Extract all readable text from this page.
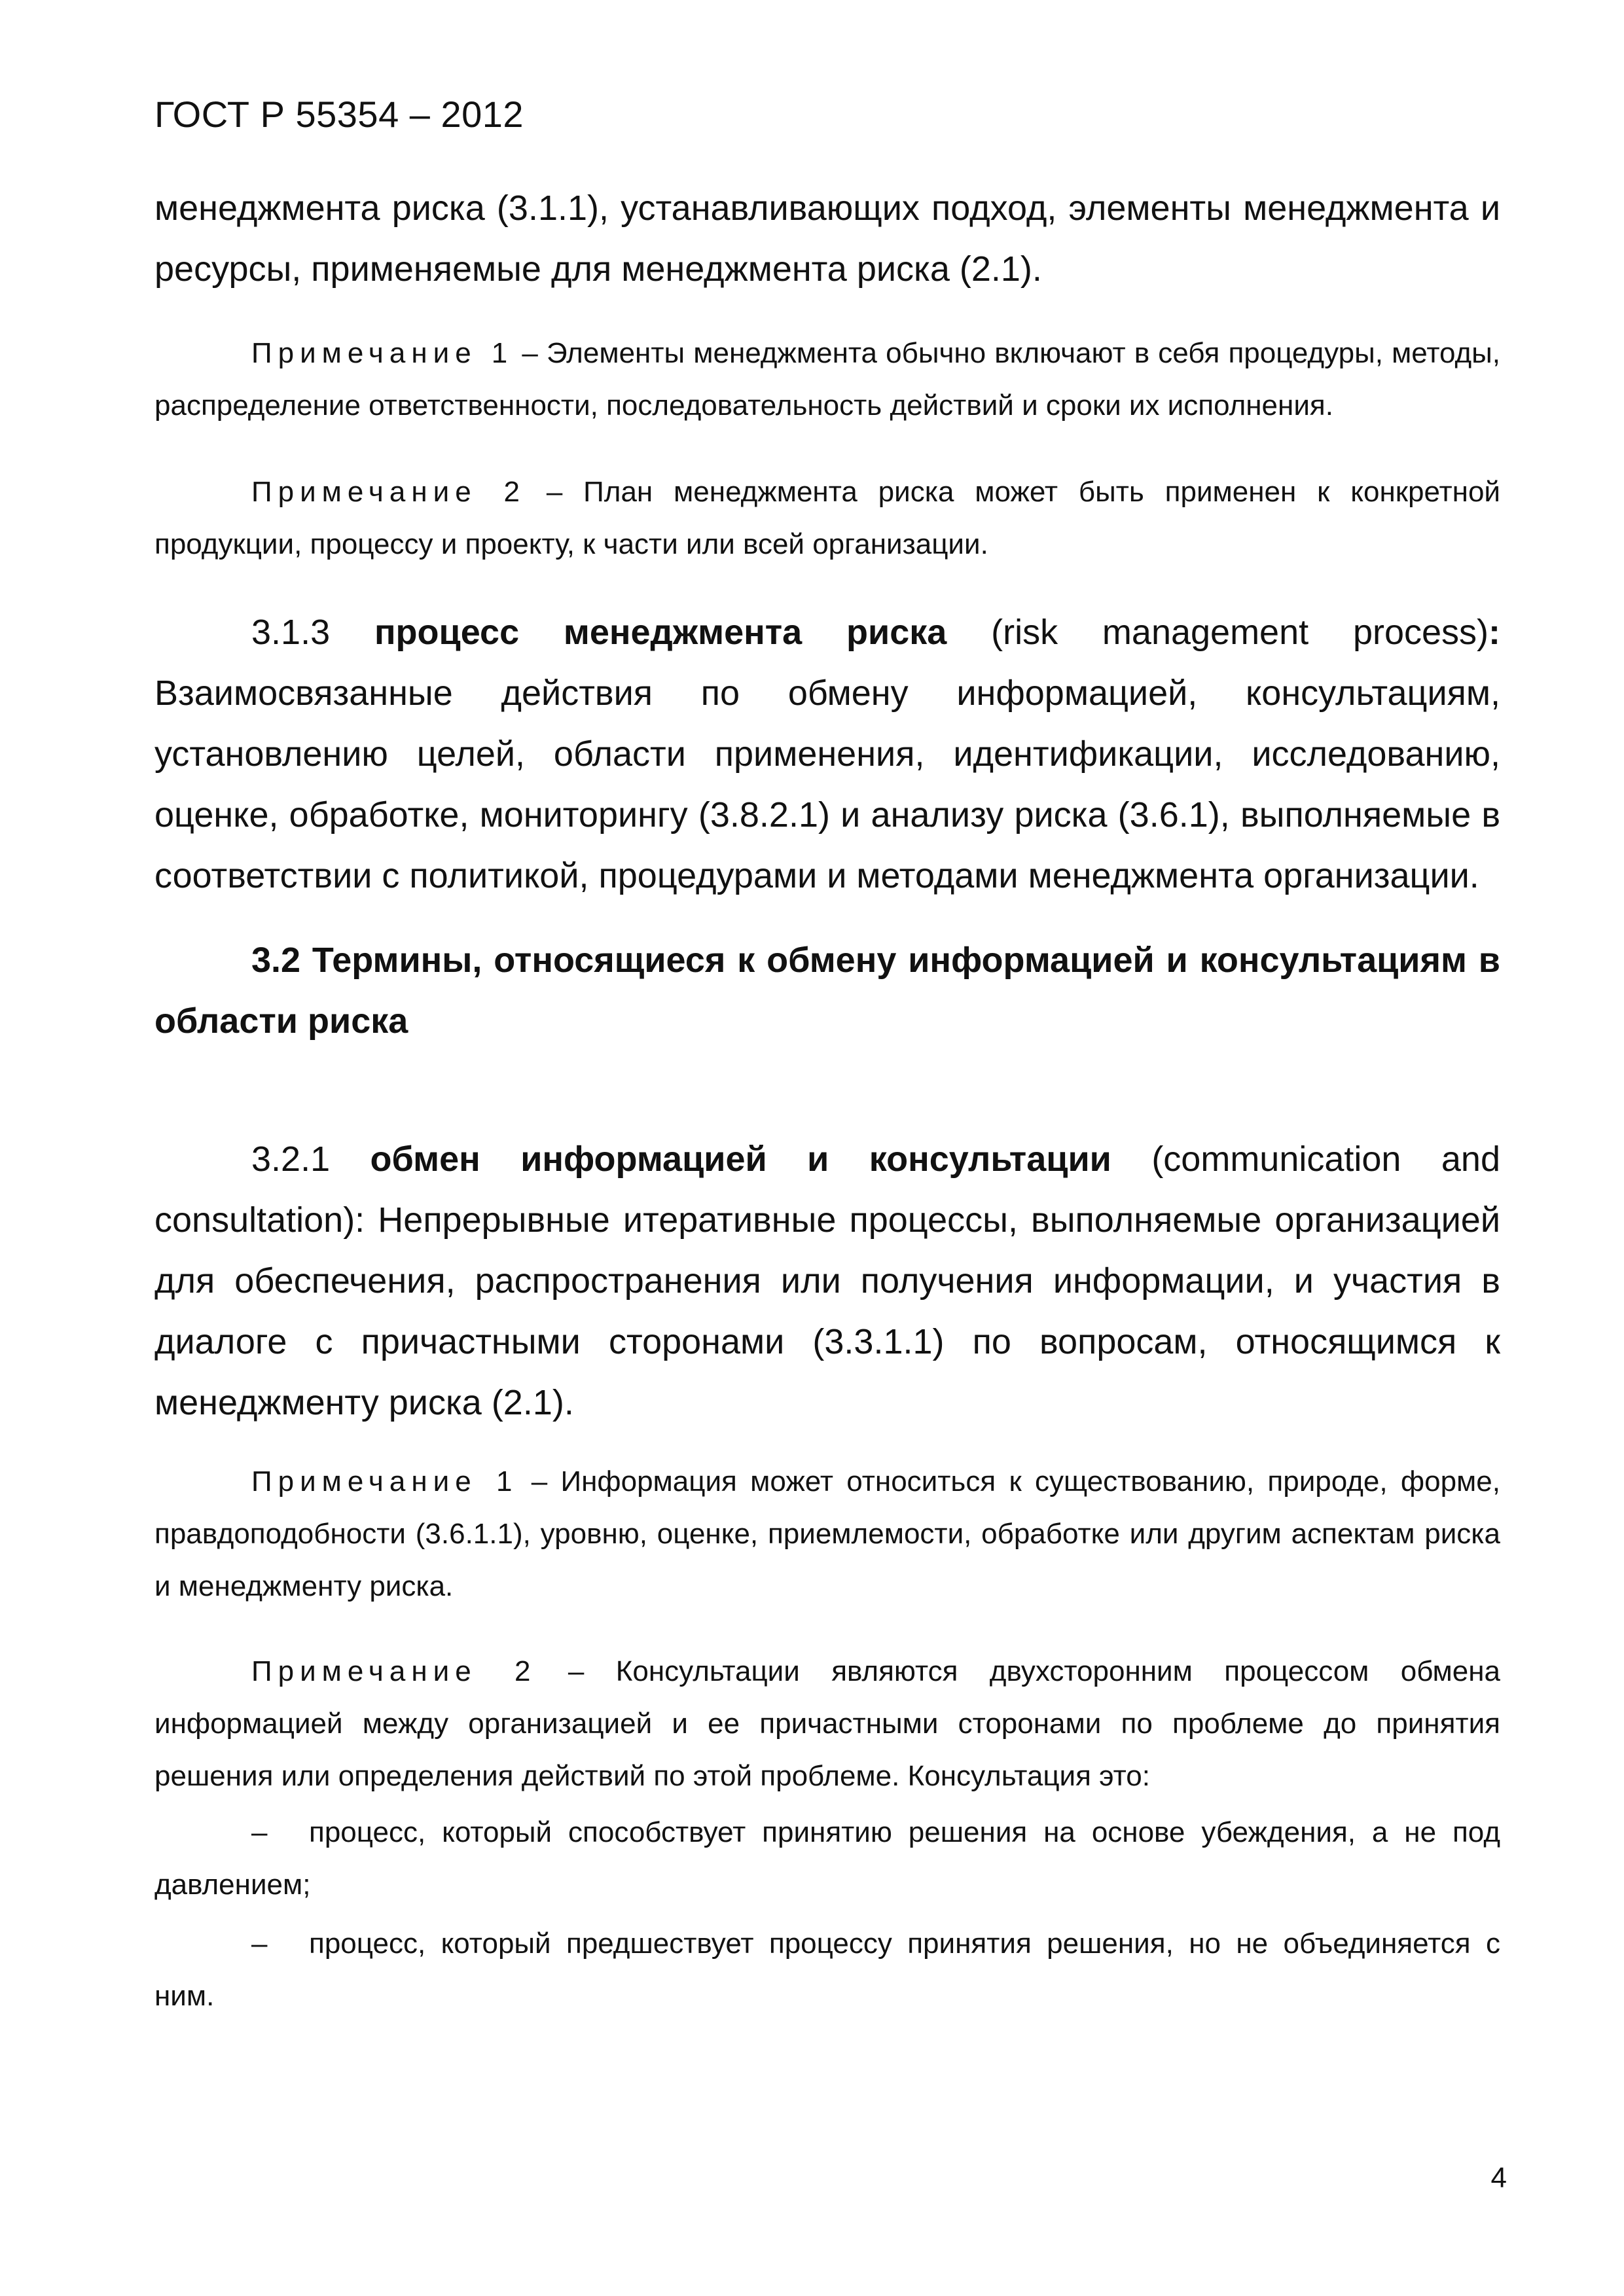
ГОСТ Р 55354 – 2012

менеджмента риска (3.1.1), устанавливающих подход, элементы менеджмента и ресурсы, применяемые для менеджмента риска (2.1).

Примечание 1 – Элементы менеджмента обычно включают в себя процедуры, методы, распределение ответственности, последовательность действий и сроки их исполнения.

Примечание 2 – План менеджмента риска может быть применен к конкретной продукции, процессу и проекту, к части или всей организации.

3.1.3 процесс менеджмента риска (risk management process): Взаимосвязанные действия по обмену информацией, консультациям, установлению целей, области применения, идентификации, исследованию, оценке, обработке, мониторингу (3.8.2.1) и анализу риска (3.6.1), выполняемые в соответствии с политикой, процедурами и методами менеджмента организации.

3.2 Термины, относящиеся к обмену информацией и консультациям в области риска

3.2.1 обмен информацией и консультации (communication and consultation): Непрерывные итеративные процессы, выполняемые организацией для обеспечения, распространения или получения информации, и участия в диалоге с причастными сторонами (3.3.1.1) по вопросам, относящимся к менеджменту риска (2.1).

Примечание 1 – Информация может относиться к существованию, природе, форме, правдоподобности (3.6.1.1), уровню, оценке, приемлемости, обработке или другим аспектам риска и менеджменту риска.

Примечание 2 – Консультации являются двухсторонним процессом обмена информацией между организацией и ее причастными сторонами по проблеме до принятия решения или определения действий по этой проблеме. Консультация это:

– процесс, который способствует принятию решения на основе убеждения, а не под давлением;

– процесс, который предшествует процессу принятия решения, но не объединяется с ним.

4
